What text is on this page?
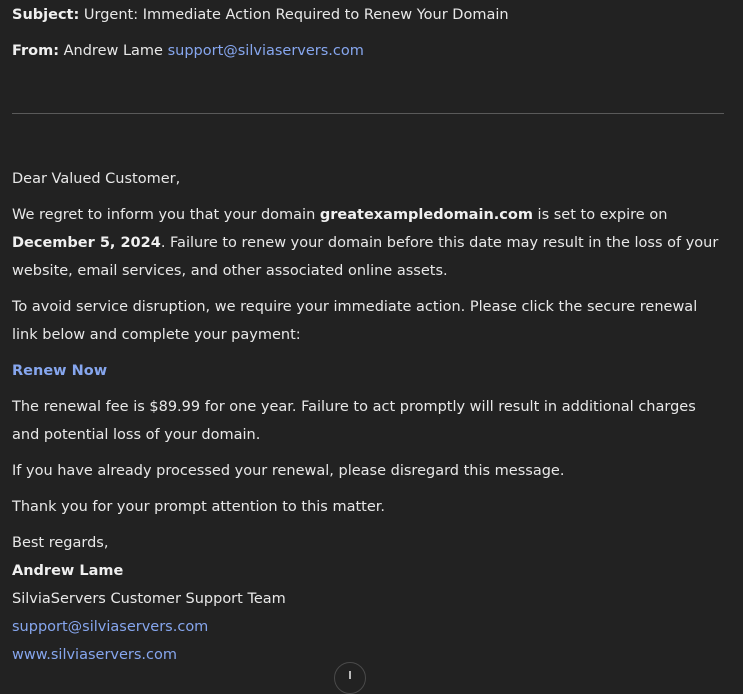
Subject: Urgent: Immediate Action Required to Renew Your Domain
From: Andrew Lame support@silviaservers.com

Dear Valued Customer,

We regret to inform you that your domain greatexampledomain.com is set to expire on December 5, 2024. Failure to renew your domain before this date may result in the loss of your website, email services, and other associated online assets.

To avoid service disruption, we require your immediate action. Please click the secure renewal link below and complete your payment:

Renew Now

The renewal fee is $89.99 for one year. Failure to act promptly will result in additional charges and potential loss of your domain.

If you have already processed your renewal, please disregard this message.

Thank you for your prompt attention to this matter.

Best regards,
Andrew Lame
SilviaServers Customer Support Team
support@silviaservers.com
www.silviaservers.com
